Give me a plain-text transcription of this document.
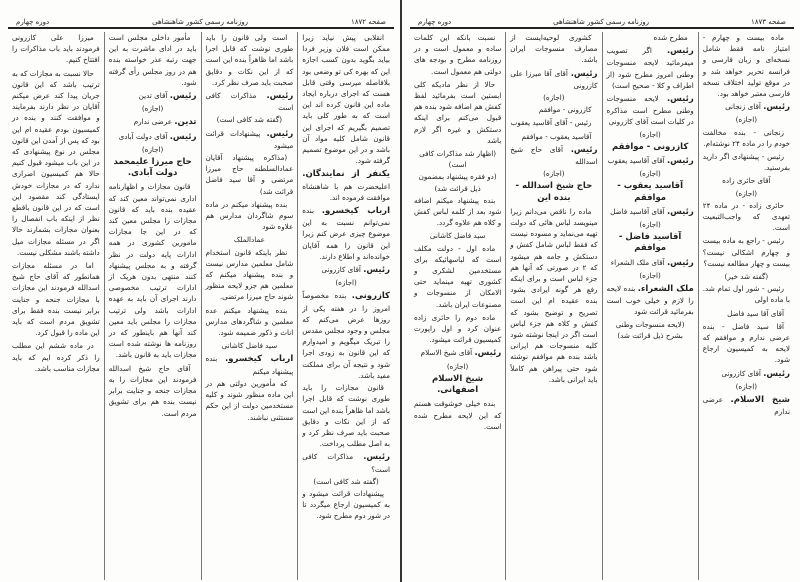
دوره چهارم	روزنامه رسمی کشور شاهنشاهی	صفحه ۱۸۷۲
انقلابی پیش نیاید زیرا ممکن است فلان وزیر فردا بیاید بگوید بدون کسب اجازه این که بهره کی تو وضعی بود بلافاصله میرسی وقتی قابل هست که اجرای درباره ایجاد ماده این قانون کرده اند این است که به طور کلی باید تصمیم بگیریم که اجرای این قانون شامل کلیه مواد آن باشد و در این موضوع تصمیم گرفته شود.
یکنفر از نمایندگان. اعلیحضرت هم با شاهنشاه موافقت فرموده اند.
ارباب کیخسرو. بنده نمی‌توانم نسبت به این موضوع چیزی عرض کنم زیرا این قانون را همه آقایان خوانده‌اند و اطلاع دارند.
رئیس. آقای کازرونی
(اجازه)
کازرونی. بنده مخصوصاً امروز را در هفته یکی از روزها عرض می‌کنم که مجلس و وجود مجلس مقدس را تبریک میگویم و امیدوارم که این قانون به زودی اجرا شود و نتیجه آن برای مملکت مفید باشد.
قانون مجازات را باید طوری نوشت که قابل اجرا باشد اما ظاهراً بنده این است که از این نکات و دقایق صحبت باید صرف نظر کرد و به اصل مطلب پرداخت.
رئیس. مذاکرات کافی است؟
(گفته شد کافی است)
پیشنهادات قرائت میشود و به کمیسیون ارجاع میگردد تا در شور دوم مطرح شود.
است ولی قانون را باید طوری نوشت که قابل اجرا باشد اما ظاهراً بنده این است که از این نکات و دقایق صحبت باید صرف نظر کرد.
رئیس. مذاکرات کافی است
(گفته شد کافی است)
رئیس. پیشنهادات قرائت میشود
(مذاکره پیشنهاد آقایان عمادالسلطنه حاج میرزا مرتضی و آقا سید فاضل قرائت شد)
بنده پیشنهاد میکنم در ماده سوم شاگردان مدارس هم علاوه شود
عمادالملک
نظر باینکه قانون استخدام شامل معلمین مدارس نیست و بنده پیشنهاد میکنم که معلمین هم جزو لایحه منظور شوند حاج میرزا مرتضی.
بنده پیشنهاد میکنم عده معلمین و شاگردهای مدارس اناث و ذکور ضمیمه شود.
سید فاضل کاشانی
ارباب کیخسرو. بنده پیشنهاد میکنم
که مأمورین دولتی هم در این ماده منظور شوند و کلیه مستخدمین دولت از این حکم مستثنی نباشند.
مأمور داخلی مجلس است باید در ادای ماشرت به این جهت رتبه عذر خواسته بنده هم در روز مجلس رأی گرفته شود.
رئیس. آقای تدین
(اجازه)
تدین. عرضی ندارم
رئیس. آقای دولت آبادی
(اجازه)
حاج میرزا علیمحمد دولت آبادی.
قانون مجازات و اظهارنامه اداری نمی‌تواند معین کند که عقیده بنده باید که قانون مجازات را مجلس معین کند که در این جا مجازات مامورین کشوری در همه ادارات پایه دولت در نظر گرفته و به مجلس پیشنهاد کنند منتهی بدون هریک از ادارات ترتیب مخصوصی دارند اجرای آن باید به عهده ادارات باشد ولی ترتیب مجازات را مجلس باید معین کند آنها هم باینطور که در روزنامه ها نوشته شده است مجازات باید به قانون باشد.
آقای حاج شیخ اسدالله فرمودند این مجازات را به مجازات جنحه و جنایت برابر نیست بنده هم برای تشویق مردم است.
میرزا علی کازرونی فرمودند باید باب مذاکرات را افتتاح کنیم.
حالا نسبت به مجازات که به ترتیب باشد که این قانون جریان پیدا کند عرض میکنم آقایان در نظر دارند بفرمایند و موافقت کنند و بنده در کمیسیون بودم عقیده ام این بود که پس از آمدن این قانون مجلس در نوع پیشنهادی که در این باب میشود قبول کنیم حالا هم کمیسیون اصراری ندارد که در مجازات خودش ایستادگی کند مقصود این است که در این قانون باقطع نظر از اینکه باب انفصال را بعنوان مجازات بشمارند حالا اگر در مسئله مجازات میل داشته باشند مشکلی نیست.
اما در مسئله مجازات همانطور که آقای حاج شیخ اسدالله فرمودند این مجازات با مجازات جنحه و جنایت برابر نیست بنده فقط برای تشویق مردم است که باید این ماده را قبول کرد.
در ماده ششم این مطلب را ذکر کرده ایم که باید مجازات مناسب باشد.
دوره چهارم	روزنامه رسمی کشور شاهنشاهی	صفحه ۱۸۷۳
ماده بیست و چهارم - امتیاز نامه فقط شامل نسخه‌ای و زبان فارسی و فرانسه تحریر خواهد شد و در موقع تولید اختلاف نسخه فارسی معتبر خواهد بود.
رئیس. آقای زنجانی
(اجازه)
زنجانی - بنده مخالفت خودم را در ماده ۲۴ نوشته‌ام.
رئیس - پیشنهادی اگر دارید بفرستید.
آقای حائری زاده
(اجازه)
حائری زاده - در ماده ۲۴ تعهدی که واجب‌التبعیت است.
رئیس - راجع به ماده بیست و چهارم اشکالی نیست؟ بیست و چهار مطالعه نیست؟
(گفته شد خیر)
رئیس - شور اول تمام شد. با ماده اولی
آقای آقا سید فاضل
آقا سید فاضل - بنده عرضی ندارم و موافقم که لایحه به کمیسیون ارجاع شود.
رئیس. آقای کازرونی
(اجازه)
شیخ الاسلام. عرضی ندارم
مطرح شده
رئیس. اگر تصویب میفرمائید لایحه منسوجات وطنی امروز مطرح شود (از اطراف و کلا - صحیح است)
رئیس. لایحه منسوجات وطنی مطرح است مذاکره در کلیات است آقای کازرونی
(اجازه)
کازرونی - موافقم
رئیس. آقای آقاسید یعقوب
(اجازه)
آقاسید یعقوب - موافقم
رئیس. آقای آقاسید فاضل
(اجازه)
آقاسید فاضل - موافقم
رئیس. آقای ملک الشعراء
(اجازه)
ملک الشعراء. بنده لایحه را لازم و خیلی خوب است بفرمائید قرائت شود
(لایحه منسوجات وطنی بشرح ذیل قرائت شد)
کشوری لوحیه‌ایست از مصارف منسوجات ایران باشد.
رئیس. آقای آقا میرزا علی کازرونی
(اجازه)
کازرونی - موافقم
رئیس - آقای آقاسید یعقوب
آقاسید یعقوب - موافقم
رئیس. آقای حاج شیخ اسدالله
(اجازه)
حاج شیخ اسدالله - بنده این
ماده را ناقص می‌دانم زیرا مینویسد لباس هائی که دولت تهیه می‌نماید و مسوده نیست که فقط لباس شامل کفش و دستکش و جامه هم میشود که ۲ در صورتی که آنها هم جزء لباس است و برای اینکه رفع هر گونه ایرادی بشود بنده عقیده ام این است تصریح و توضیح بشود که کفش و کلاه هم جزء لباس است اگر در اینجا نوشته شود کلیه منسوجات هم ایرانی باشد بنده هم موافقم نوشته شود حتی پیراهن هم کاملاً باید ایرانی باشد.
نسبت بانکه این کلمات ساده و معمول است و در روزنامه مطرح و بودجه های دولتی هم معمول است.
حالا از نظر مادیکه کلی ابستین است بفرمائید لفظ کفش هم اضافه شود بنده هم قبول می‌کنم برای اینکه دستکش و غیره اگر لازم باشد
(اظهار شد مذاکرات کافی است)
(دو فقره پیشنهاد بمضمون ذیل قرائت شد)
بنده پیشنهاد میکنم اضافه شود بعد از کلمه لباس کفش و کلاه هم علاوه گردد.
سید فاضل کاشانی
ماده اول - دولت مکلف است که لباسهائیکه برای مستخدمین لشکری و کشوری تهیه مینماید حتی الامکان از منسوجات و مصنوعات ایران باشد.
ماده دوم را حائری زاده عنوان کرد و اول راپورت کمیسیون قرائت میشود.
رئیس. آقای شیخ الاسلام
(اجازه)
شیخ الاسلام اصفهانی.
بنده خیلی خوشوقت هستم که این لایحه مطرح شده است.
